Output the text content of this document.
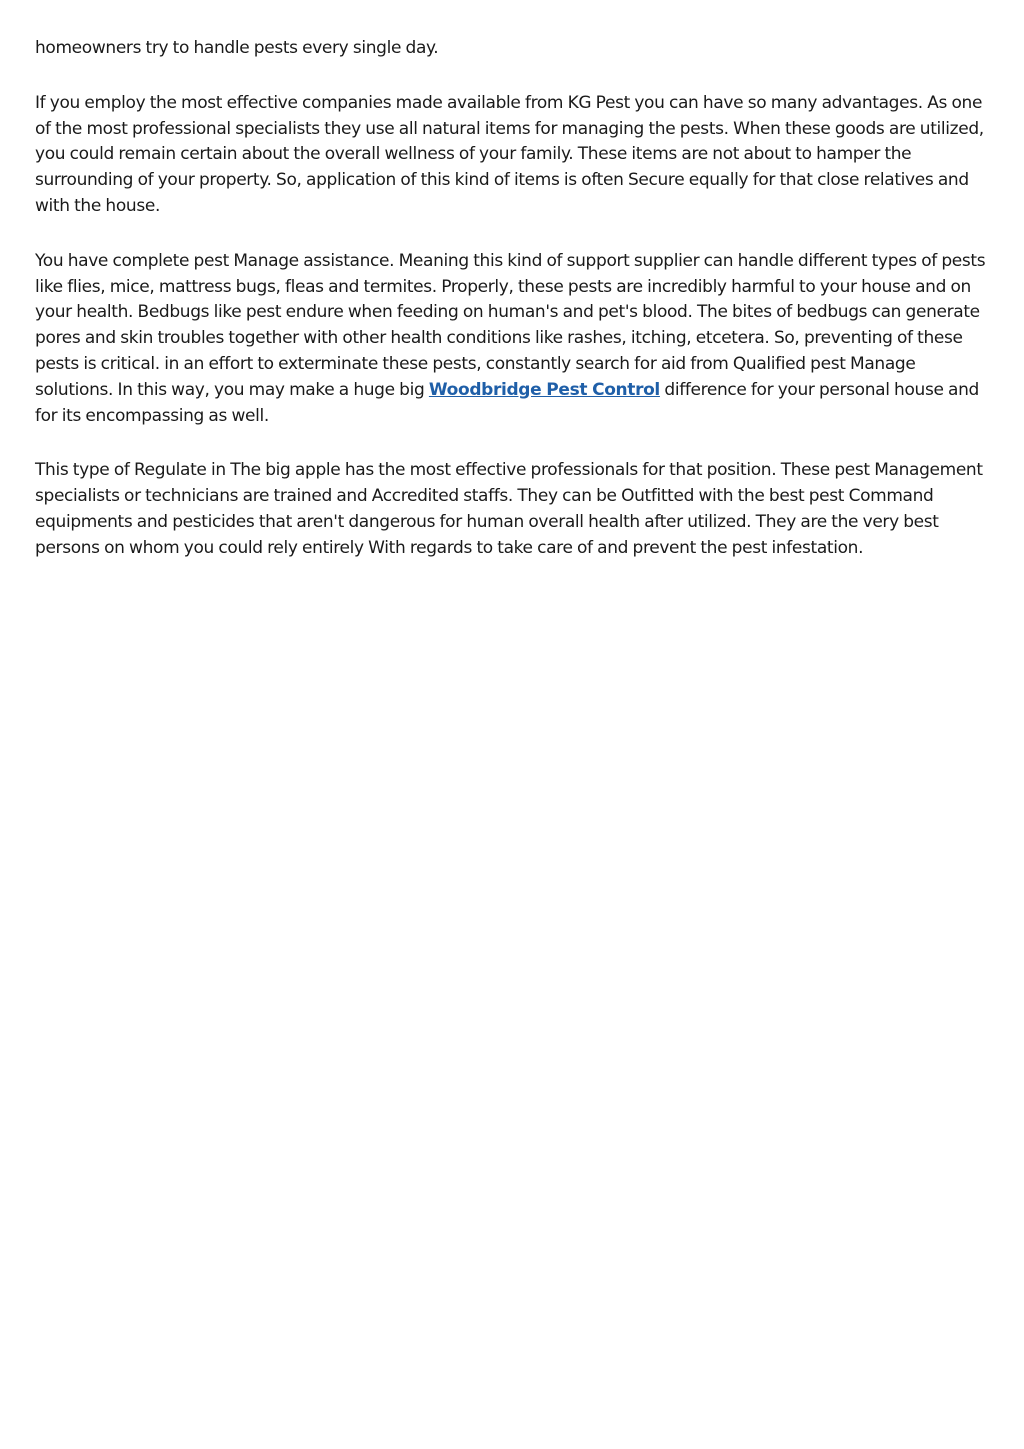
homeowners try to handle pests every single day.

If you employ the most effective companies made available from KG Pest you can have so many advantages. As one of the most professional specialists they use all natural items for managing the pests. When these goods are utilized, you could remain certain about the overall wellness of your family. These items are not about to hamper the surrounding of your property. So, application of this kind of items is often Secure equally for that close relatives and with the house.

You have complete pest Manage assistance. Meaning this kind of support supplier can handle different types of pests like flies, mice, mattress bugs, fleas and termites. Properly, these pests are incredibly harmful to your house and on your health. Bedbugs like pest endure when feeding on human's and pet's blood. The bites of bedbugs can generate pores and skin troubles together with other health conditions like rashes, itching, etcetera. So, preventing of these pests is critical. in an effort to exterminate these pests, constantly search for aid from Qualified pest Manage solutions. In this way, you may make a huge big Woodbridge Pest Control difference for your personal house and for its encompassing as well.

This type of Regulate in The big apple has the most effective professionals for that position. These pest Management specialists or technicians are trained and Accredited staffs. They can be Outfitted with the best pest Command equipments and pesticides that aren't dangerous for human overall health after utilized. They are the very best persons on whom you could rely entirely With regards to take care of and prevent the pest infestation.
